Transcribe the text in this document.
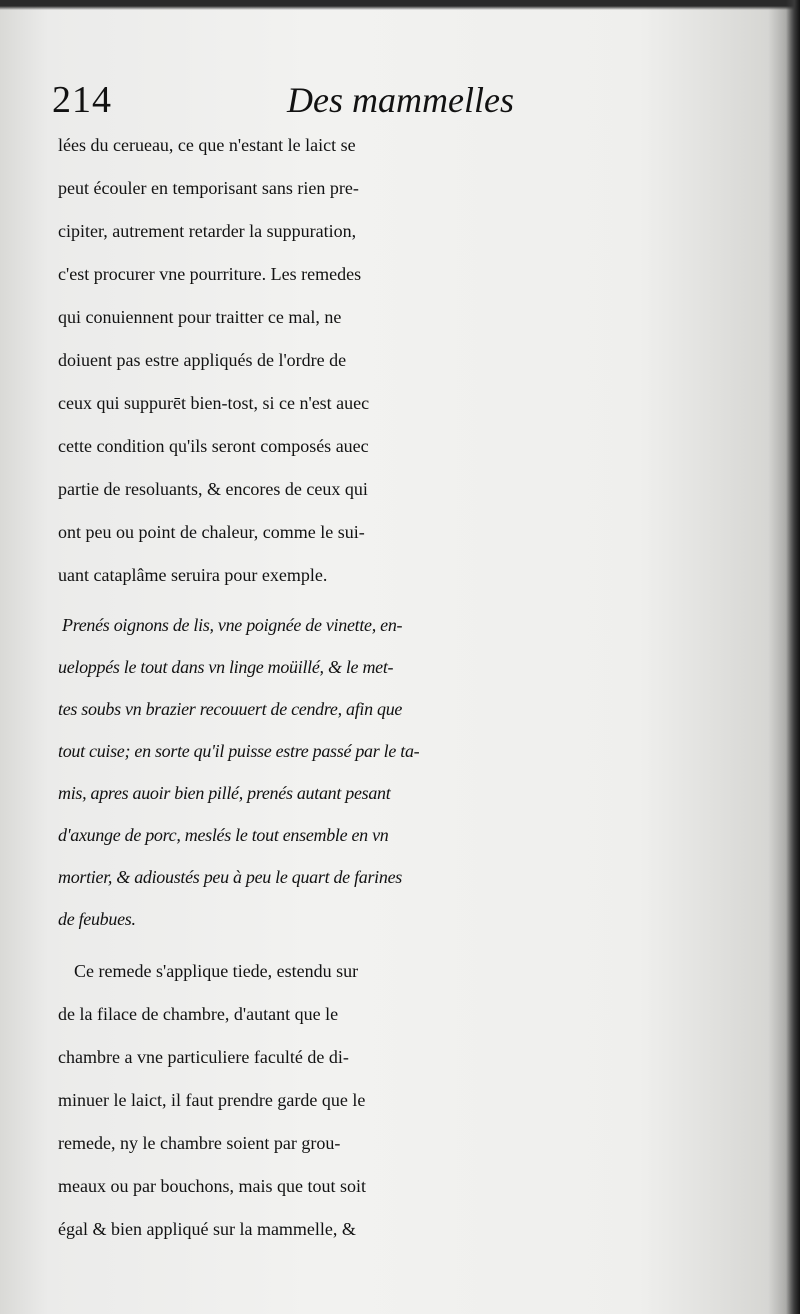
214	Des mammelles
lées du cerueau, ce que n'estant le laict se
peut écouler en temporisant sans rien pre-
cipiter, autrement retarder la suppuration,
c'est procurer vne pourriture. Les remedes
qui conuiennent pour traitter ce mal, ne
doiuent pas estre appliqués de l'ordre de
ceux qui suppurēt bien-tost, si ce n'est auec
cette condition qu'ils seront composés auec
partie de resoluants, & encores de ceux qui
ont peu ou point de chaleur, comme le sui-
uant cataplâme seruira pour exemple.
Prenés oignons de lis, vne poignée de vinette, en-
ueloppés le tout dans vn linge moüillé, & le met-
tes soubs vn brazier recouuert de cendre, afin que
tout cuise; en sorte qu'il puisse estre passé par le ta-
mis, apres auoir bien pillé, prenés autant pesant
d'axunge de porc, meslés le tout ensemble en vn
mortier, & adioustés peu à peu le quart de farines
de feubues.
Ce remede s'applique tiede, estendu sur
de la filace de chambre, d'autant que le
chambre a vne particuliere faculté de di-
minuer le laict, il faut prendre garde que le
remede, ny le chambre soient par grou-
meaux ou par bouchons, mais que tout soit
égal & bien appliqué sur la mammelle, &
